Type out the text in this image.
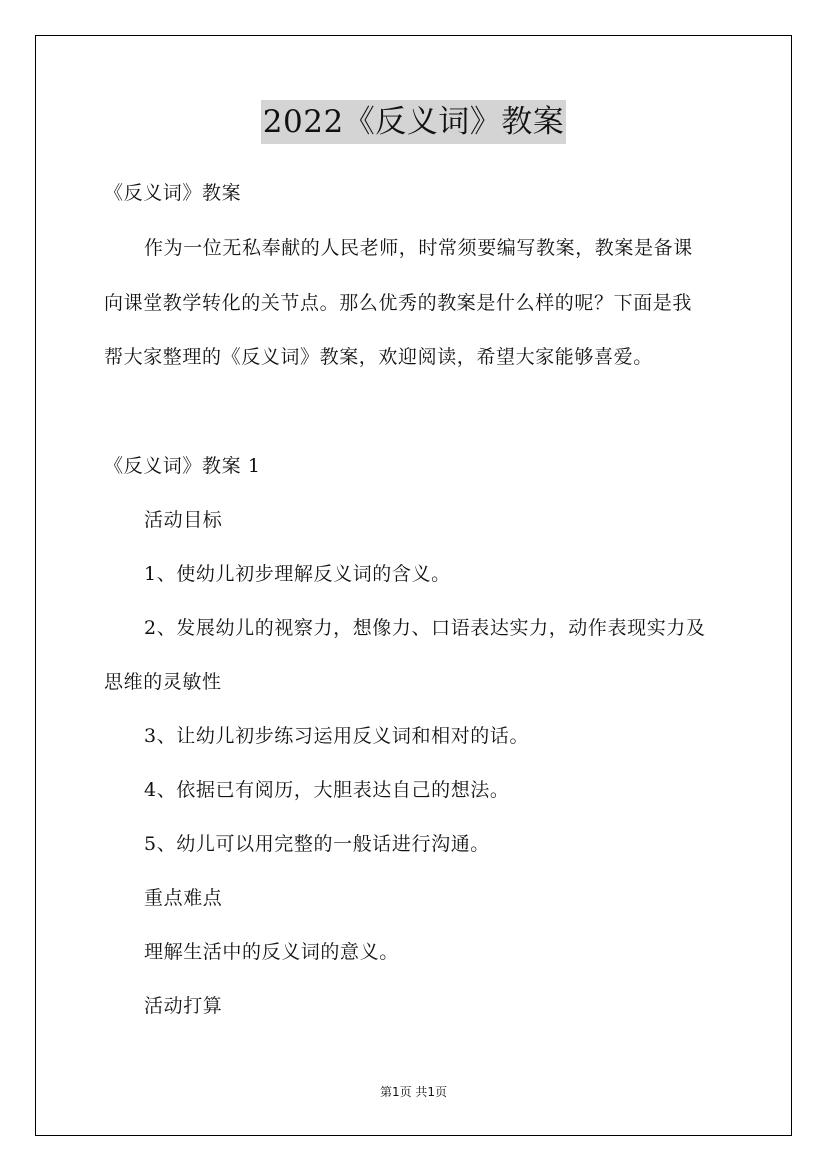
2022《反义词》教案
《反义词》教案
作为一位无私奉献的人民老师，时常须要编写教案，教案是备课
向课堂教学转化的关节点。那么优秀的教案是什么样的呢？下面是我
帮大家整理的《反义词》教案，欢迎阅读，希望大家能够喜爱。
《反义词》教案 1
活动目标
1、使幼儿初步理解反义词的含义。
2、发展幼儿的视察力，想像力、口语表达实力，动作表现实力及
思维的灵敏性
3、让幼儿初步练习运用反义词和相对的话。
4、依据已有阅历，大胆表达自己的想法。
5、幼儿可以用完整的一般话进行沟通。
重点难点
理解生活中的反义词的意义。
活动打算
第1页 共1页
